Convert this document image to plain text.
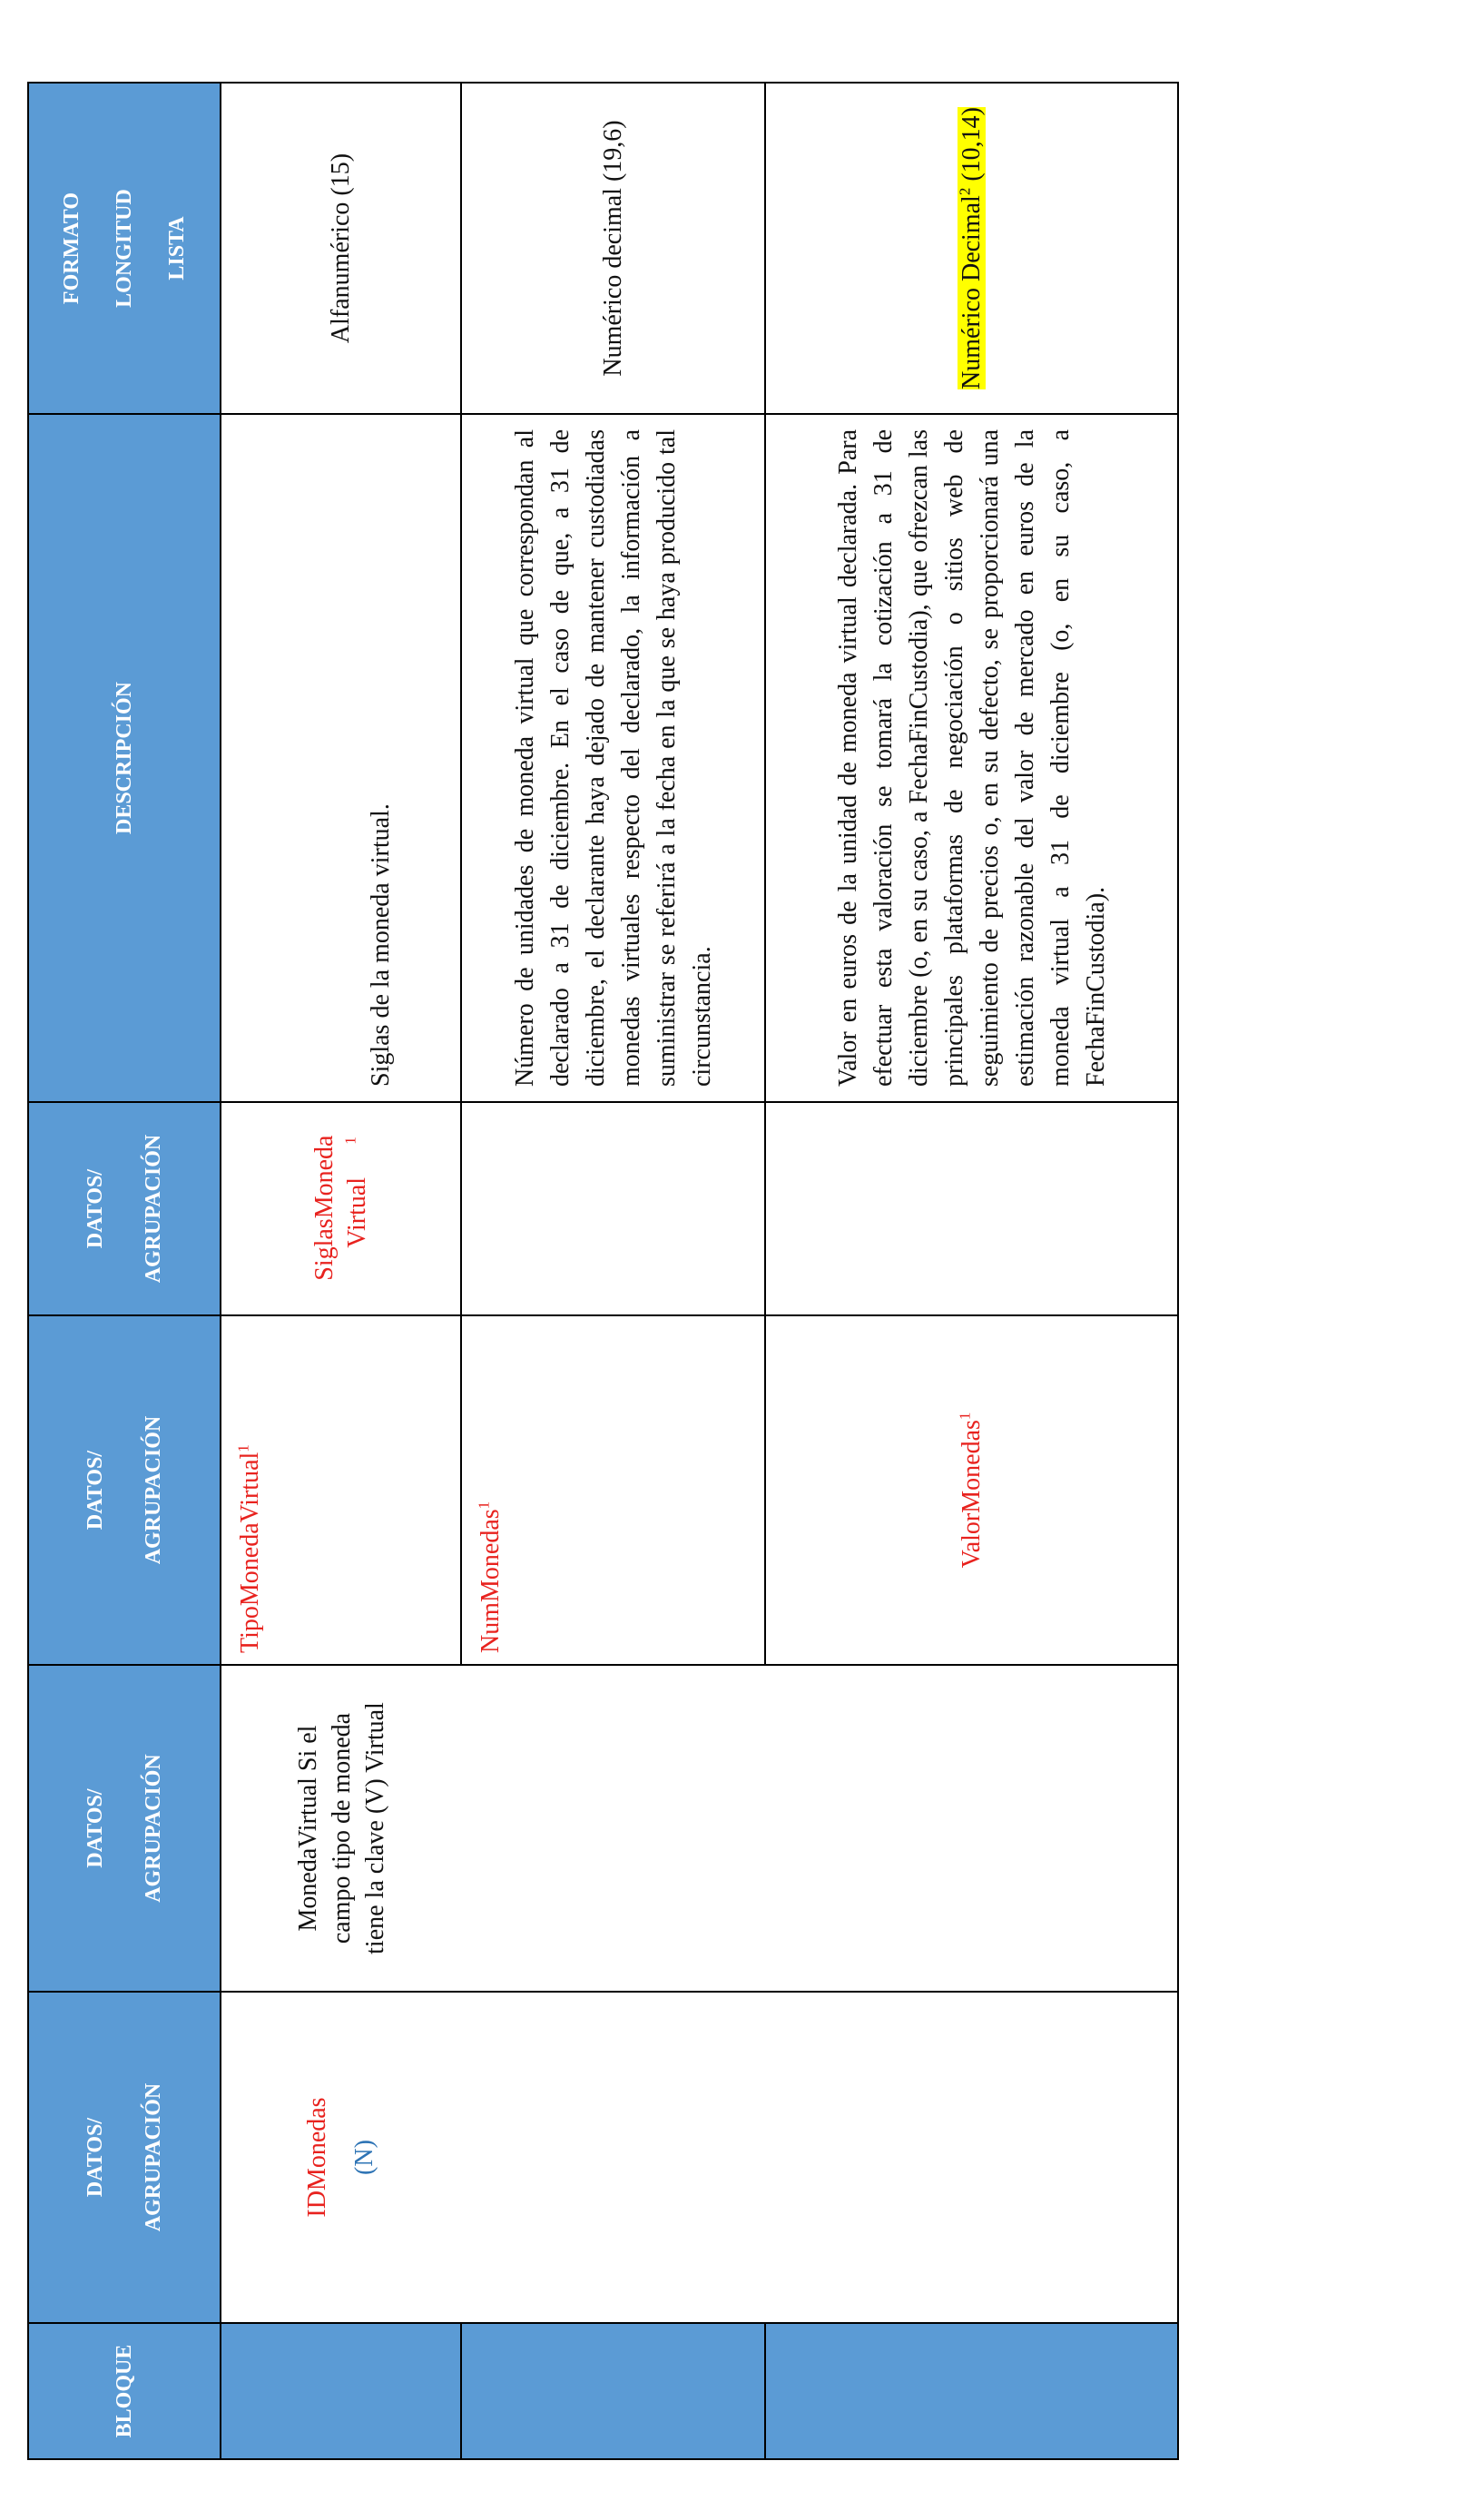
BLOQUE	DATOS/ AGRUPACIÓN	DATOS/ AGRUPACIÓN	DATOS/ AGRUPACIÓN	DATOS/ AGRUPACIÓN	DESCRIPCIÓN	FORMATO LONGITUD LISTA
	IDMonedas (N)	MonedaVirtual Si el campo tipo de moneda tiene la clave (V) Virtual	TipoMonedaVirtual$^1$	SiglasMoneda Virtual$^1$	Siglas de la moneda virtual.	Alfanumérico (15)
			NumMonedas$^1$		Número de unidades de moneda virtual que correspondan al declarado a 31 de diciembre. En el caso de que, a 31 de diciembre, el declarante haya dejado de mantener custodiadas monedas virtuales respecto del declarado, la información a suministrar se referirá a la fecha en la que se haya producido tal circunstancia.	Numérico decimal (19,6)
			ValorMonedas$^1$		Valor en euros de la unidad de moneda virtual declarada. Para efectuar esta valoración se tomará la cotización a 31 de diciembre (o, en su caso, a FechaFinCustodia), que ofrezcan las principales plataformas de negociación o sitios web de seguimiento de precios o, en su defecto, se proporcionará una estimación razonable del valor de mercado en euros de la moneda virtual a 31 de diciembre (o, en su caso, a FechaFinCustodia).	Numérico Decimal$^2$ (10,14)
